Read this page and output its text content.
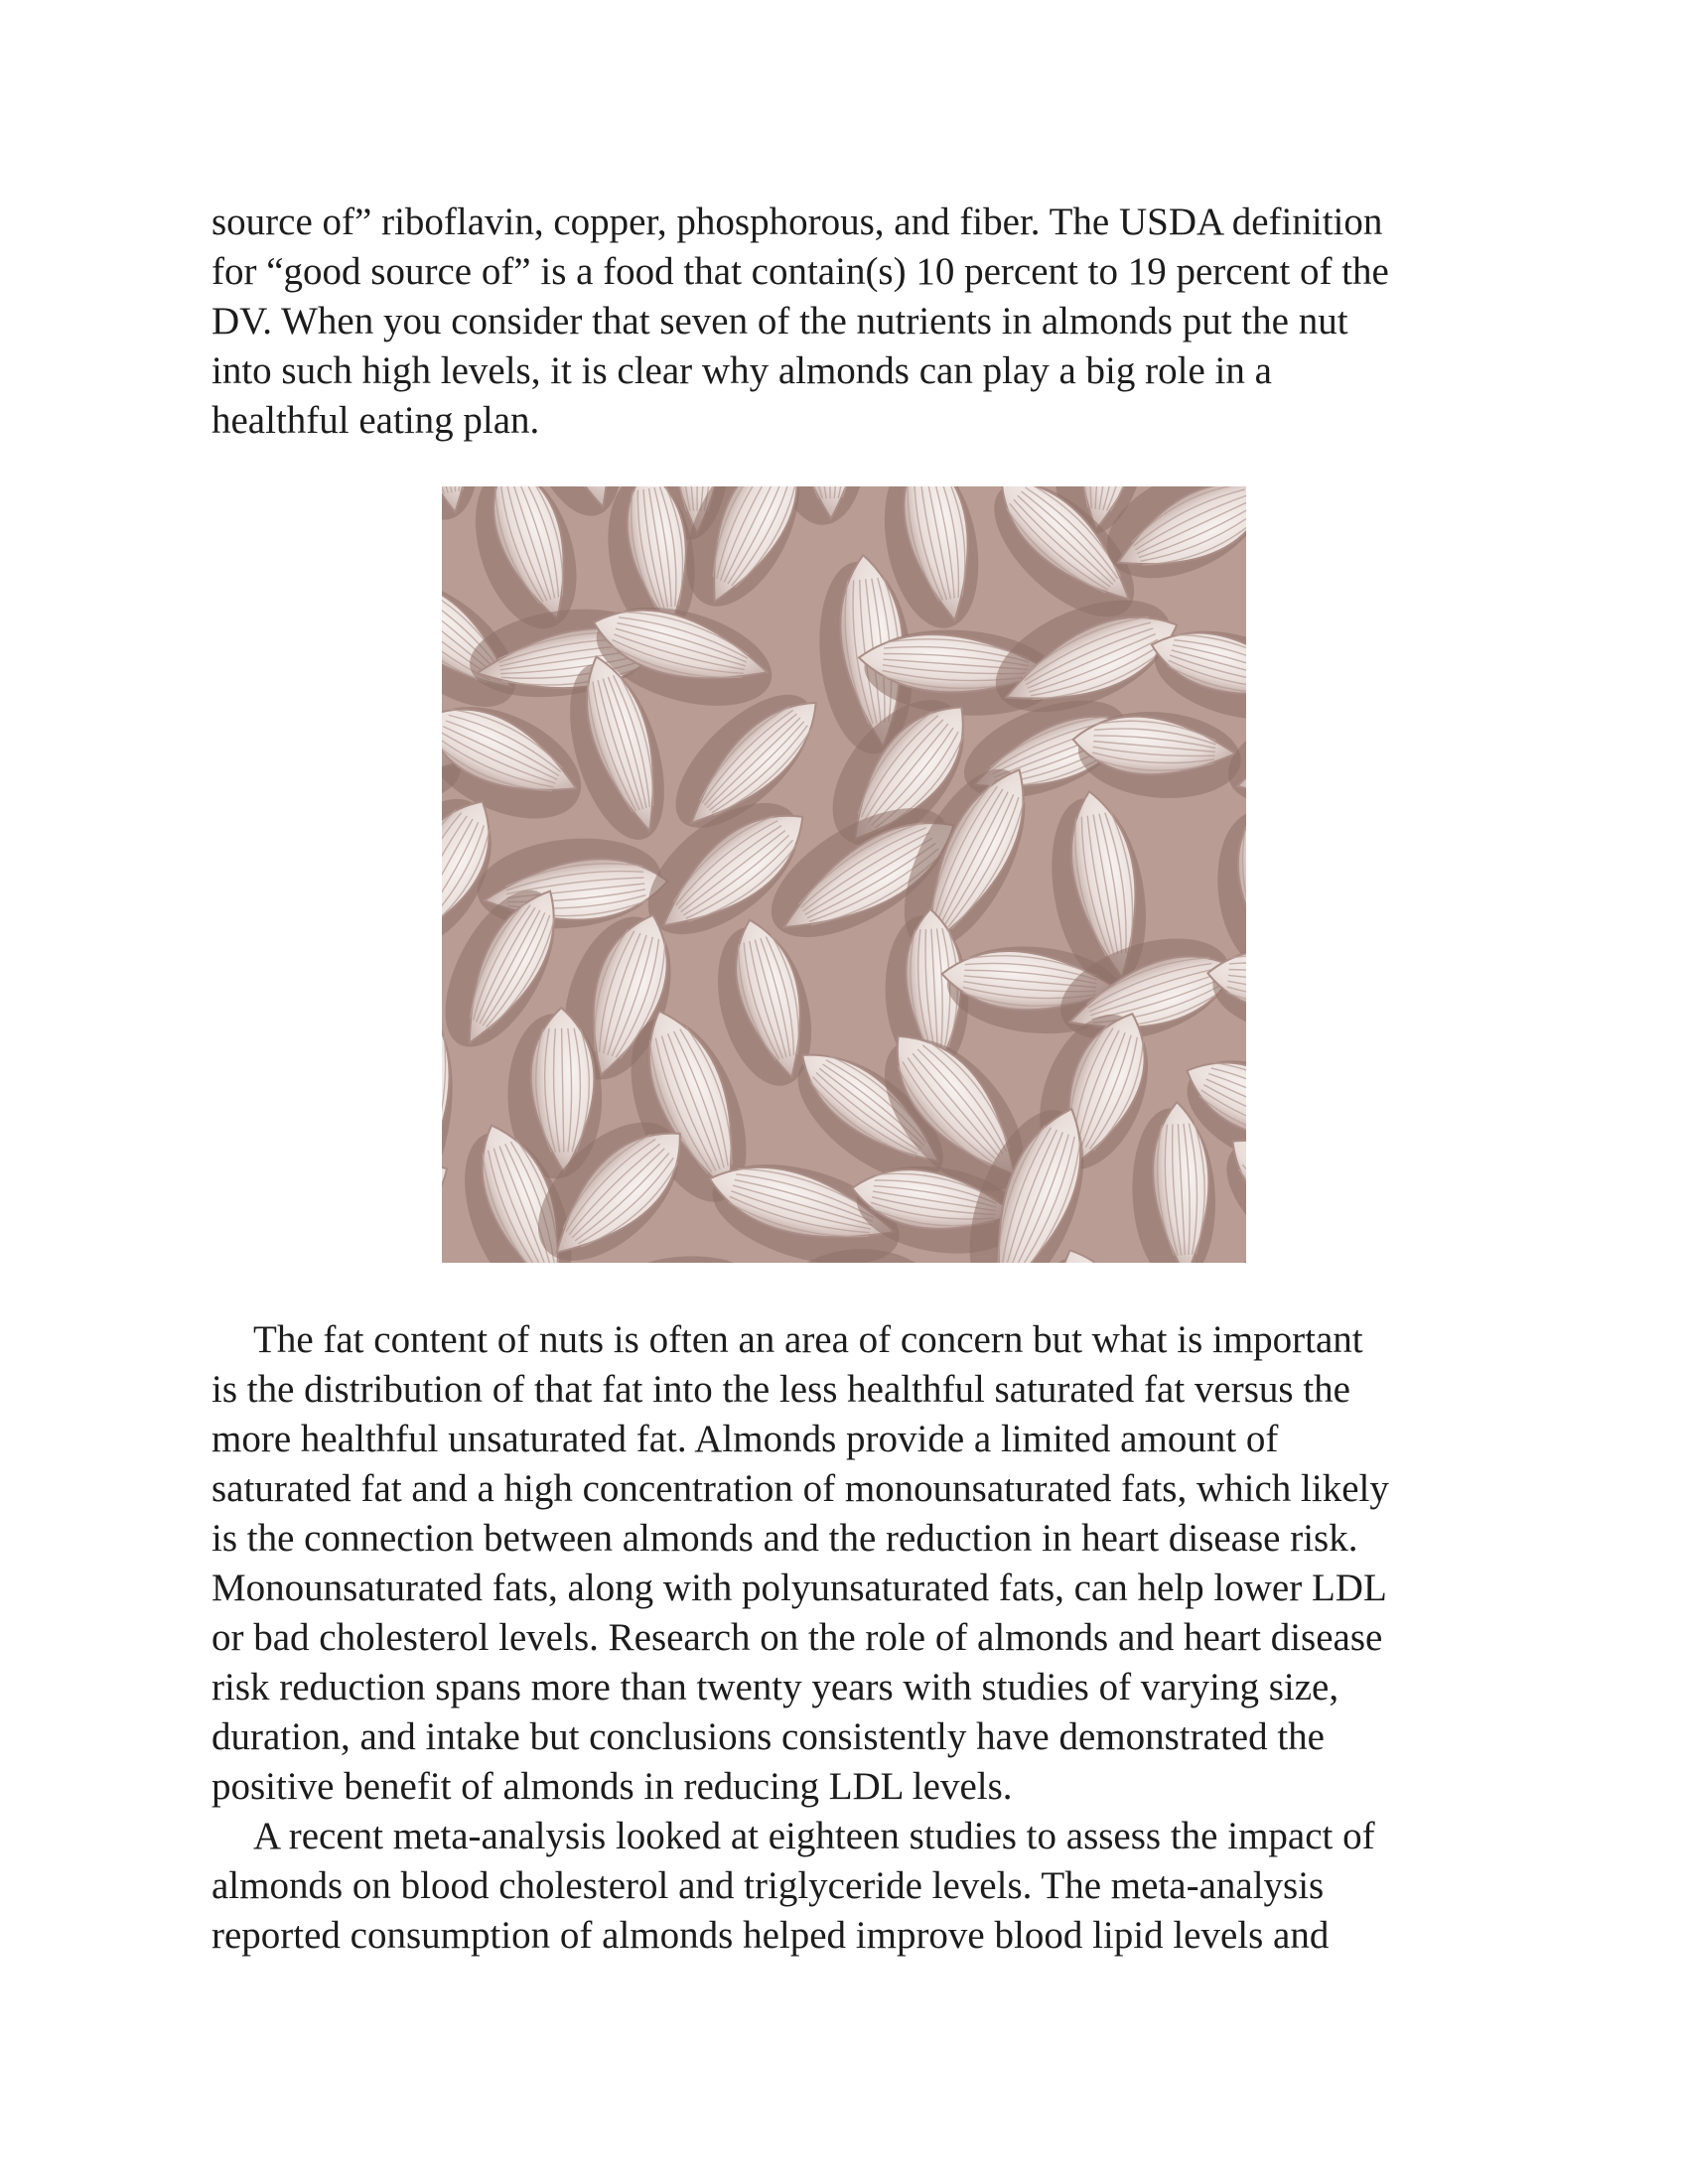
source of” riboflavin, copper, phosphorous, and fiber. The USDA definition
for “good source of” is a food that contain(s) 10 percent to 19 percent of the
DV. When you consider that seven of the nutrients in almonds put the nut
into such high levels, it is clear why almonds can play a big role in a
healthful eating plan.
The fat content of nuts is often an area of concern but what is important
is the distribution of that fat into the less healthful saturated fat versus the
more healthful unsaturated fat. Almonds provide a limited amount of
saturated fat and a high concentration of monounsaturated fats, which likely
is the connection between almonds and the reduction in heart disease risk.
Monounsaturated fats, along with polyunsaturated fats, can help lower LDL
or bad cholesterol levels. Research on the role of almonds and heart disease
risk reduction spans more than twenty years with studies of varying size,
duration, and intake but conclusions consistently have demonstrated the
positive benefit of almonds in reducing LDL levels.
A recent meta-analysis looked at eighteen studies to assess the impact of
almonds on blood cholesterol and triglyceride levels. The meta-analysis
reported consumption of almonds helped improve blood lipid levels and
